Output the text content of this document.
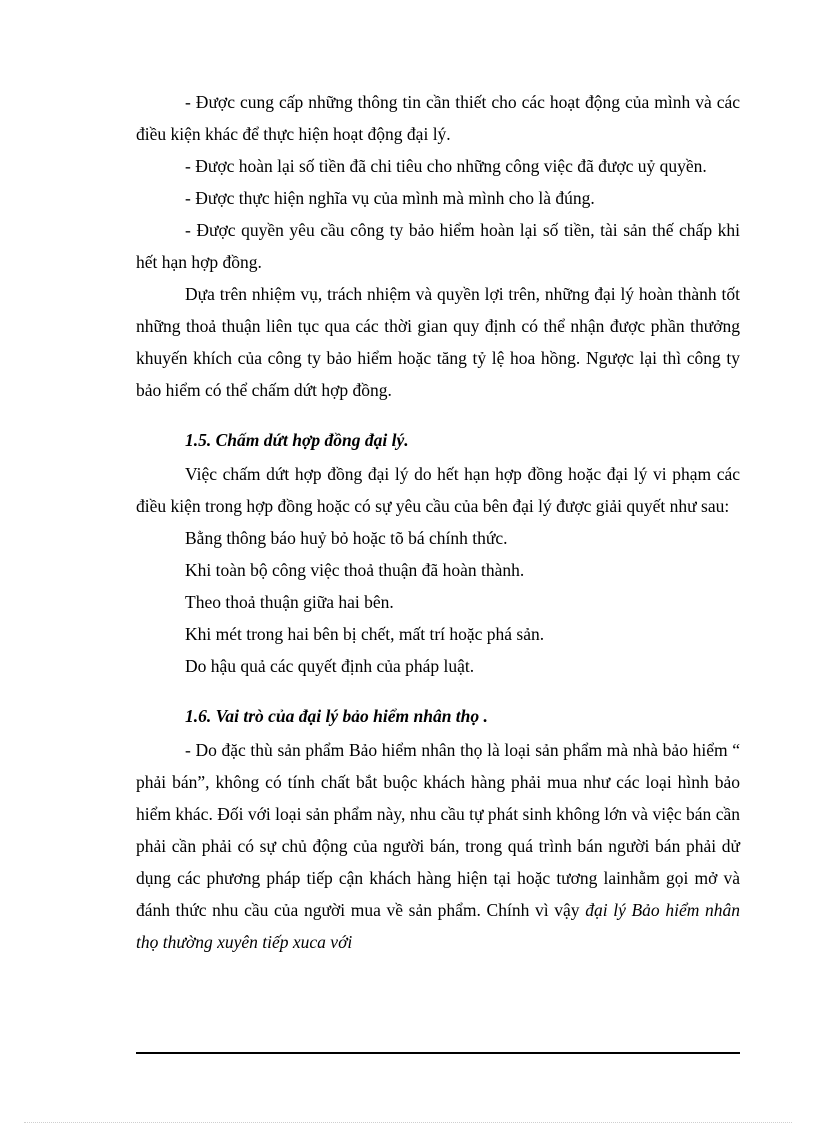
- Được cung cấp những thông tin cần thiết cho các hoạt động của mình và các điều kiện khác để thực hiện hoạt động đại lý.

- Được hoàn lại số tiền đã chi tiêu cho những công việc đã được uỷ quyền.

- Được thực hiện nghĩa vụ của mình mà mình cho là đúng.

- Được quyền yêu cầu công ty bảo hiểm hoàn lại số tiền, tài sản thế chấp khi hết hạn hợp đồng.

Dựa trên nhiệm vụ, trách nhiệm và quyền lợi trên, những đại lý hoàn thành tốt những thoả thuận liên tục qua các thời gian quy định có thể nhận được phần thưởng khuyến khích của công ty bảo hiểm hoặc tăng tỷ lệ hoa hồng. Ngược lại thì công ty bảo hiểm có thể chấm dứt hợp đồng.

1.5. Chấm dứt hợp đồng đại lý.

Việc chấm dứt hợp đồng đại lý do hết hạn hợp đồng hoặc đại lý vi phạm các điều kiện trong hợp đồng hoặc có sự yêu cầu của bên đại lý được giải quyết như sau:

Bằng thông báo huỷ bỏ hoặc tõ bá chính thức.

Khi toàn bộ công việc thoả thuận đã hoàn thành.

Theo thoả thuận giữa hai bên.

Khi mét trong hai bên bị chết, mất trí hoặc phá sản.

Do hậu quả các quyết định của pháp luật.

1.6. Vai trò của đại lý bảo hiểm nhân thọ .

- Do đặc thù sản phẩm Bảo hiểm nhân thọ là loại sản phẩm mà nhà bảo hiểm “ phải bán”, không có tính chất bắt buộc khách hàng phải mua như các loại hình bảo hiểm khác. Đối với loại sản phẩm này, nhu cầu tự phát sinh không lớn và việc bán cần phải cần phải có sự chủ động của người bán, trong quá trình bán người bán phải dử dụng các phương pháp tiếp cận khách hàng hiện tại hoặc tương lainhằm gọi mở và đánh thức nhu cầu của người mua về sản phẩm. Chính vì vậy đại lý Bảo hiểm nhân thọ thường xuyên tiếp xuca với
